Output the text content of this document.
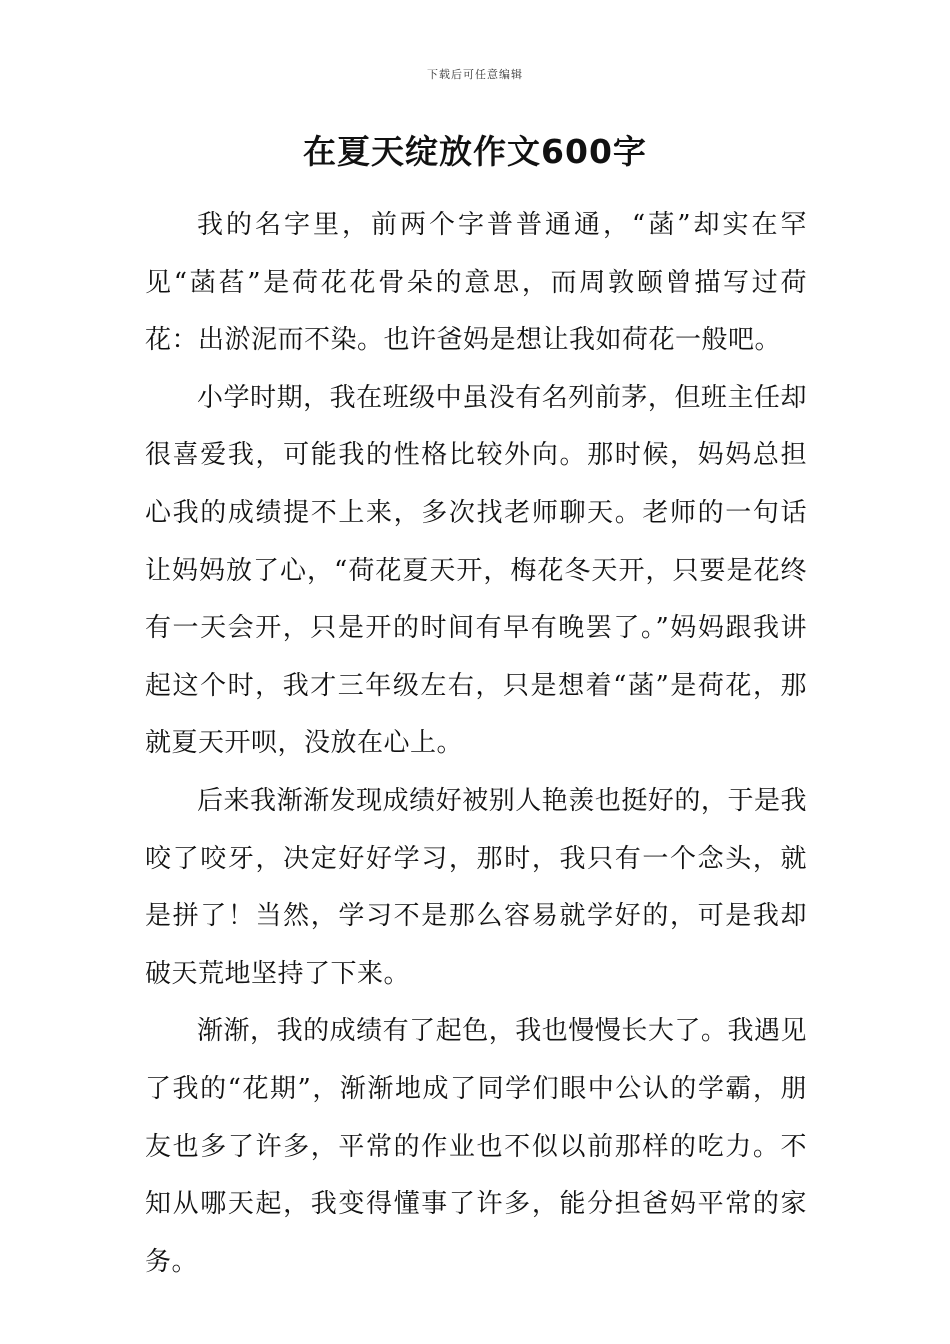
下载后可任意编辑
在夏天绽放作文600字

我的名字里，前两个字普普通通，“菡”却实在罕见“菡萏”是荷花花骨朵的意思，而周敦颐曾描写过荷花：出淤泥而不染。也许爸妈是想让我如荷花一般吧。

小学时期，我在班级中虽没有名列前茅，但班主任却很喜爱我，可能我的性格比较外向。那时候，妈妈总担心我的成绩提不上来，多次找老师聊天。老师的一句话让妈妈放了心，“荷花夏天开，梅花冬天开，只要是花终有一天会开，只是开的时间有早有晚罢了。”妈妈跟我讲起这个时，我才三年级左右，只是想着“菡”是荷花，那就夏天开呗，没放在心上。

后来我渐渐发现成绩好被别人艳羡也挺好的，于是我咬了咬牙，决定好好学习，那时，我只有一个念头，就是拼了！当然，学习不是那么容易就学好的，可是我却破天荒地坚持了下来。

渐渐，我的成绩有了起色，我也慢慢长大了。我遇见了我的“花期”，渐渐地成了同学们眼中公认的学霸，朋友也多了许多，平常的作业也不似以前那样的吃力。不知从哪天起，我变得懂事了许多，能分担爸妈平常的家务。
